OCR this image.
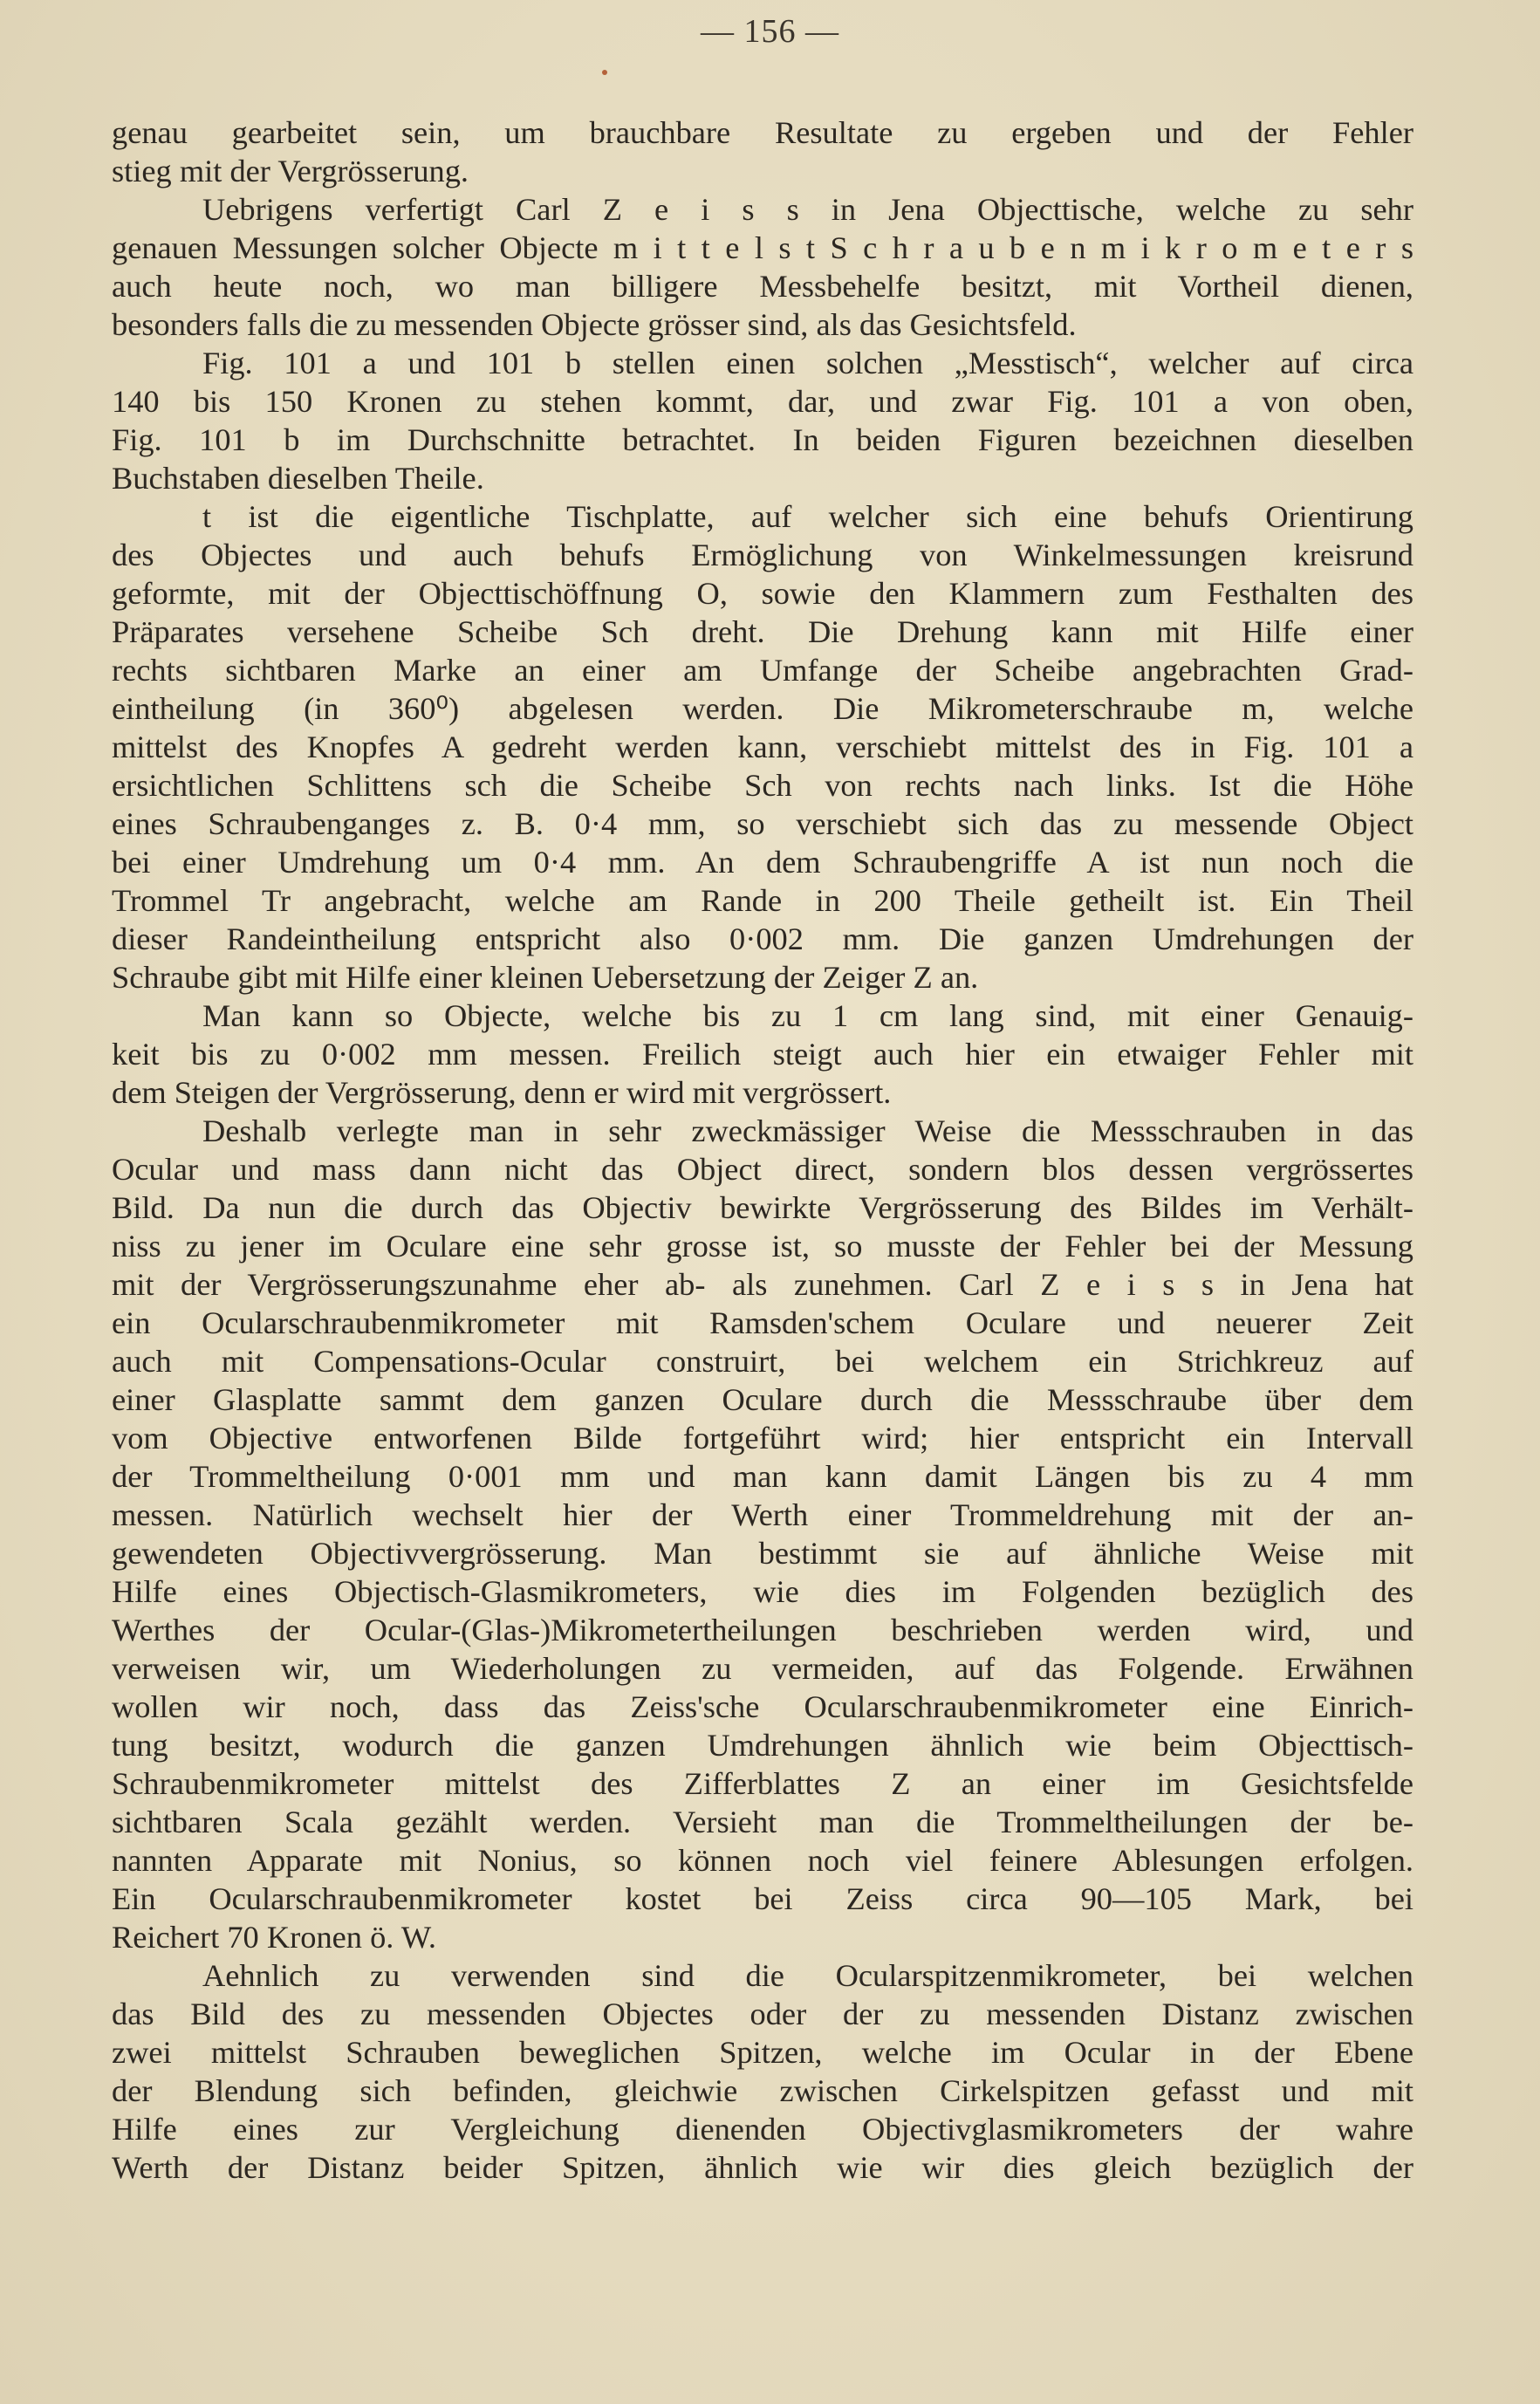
— 156 —
genau gearbeitet sein, um brauchbare Resultate zu ergeben und der Fehler
stieg mit der Vergrösserung.
Uebrigens verfertigt Carl Z e i s s in Jena Objecttische, welche zu sehr
genauen Messungen solcher Objecte m i t t e l s t S c h r a u b e n m i k r o m e t e r s
auch heute noch, wo man billigere Messbehelfe besitzt, mit Vortheil dienen,
besonders falls die zu messenden Objecte grösser sind, als das Gesichtsfeld.
Fig. 101 a und 101 b stellen einen solchen „Messtisch“, welcher auf circa
140 bis 150 Kronen zu stehen kommt, dar, und zwar Fig. 101 a von oben,
Fig. 101 b im Durchschnitte betrachtet. In beiden Figuren bezeichnen dieselben
Buchstaben dieselben Theile.
t ist die eigentliche Tischplatte, auf welcher sich eine behufs Orientirung
des Objectes und auch behufs Ermöglichung von Winkelmessungen kreisrund
geformte, mit der Objecttischöffnung O, sowie den Klammern zum Festhalten des
Präparates versehene Scheibe Sch dreht. Die Drehung kann mit Hilfe einer
rechts sichtbaren Marke an einer am Umfange der Scheibe angebrachten Grad-
eintheilung (in 360⁰) abgelesen werden. Die Mikrometerschraube m, welche
mittelst des Knopfes A gedreht werden kann, verschiebt mittelst des in Fig. 101 a
ersichtlichen Schlittens sch die Scheibe Sch von rechts nach links. Ist die Höhe
eines Schraubenganges z. B. 0·4 mm, so verschiebt sich das zu messende Object
bei einer Umdrehung um 0·4 mm. An dem Schraubengriffe A ist nun noch die
Trommel Tr angebracht, welche am Rande in 200 Theile getheilt ist. Ein Theil
dieser Randeintheilung entspricht also 0·002 mm. Die ganzen Umdrehungen der
Schraube gibt mit Hilfe einer kleinen Uebersetzung der Zeiger Z an.
Man kann so Objecte, welche bis zu 1 cm lang sind, mit einer Genauig-
keit bis zu 0·002 mm messen. Freilich steigt auch hier ein etwaiger Fehler mit
dem Steigen der Vergrösserung, denn er wird mit vergrössert.
Deshalb verlegte man in sehr zweckmässiger Weise die Messschrauben in das
Ocular und mass dann nicht das Object direct, sondern blos dessen vergrössertes
Bild. Da nun die durch das Objectiv bewirkte Vergrösserung des Bildes im Verhält-
niss zu jener im Oculare eine sehr grosse ist, so musste der Fehler bei der Messung
mit der Vergrösserungszunahme eher ab- als zunehmen. Carl Z e i s s in Jena hat
ein Ocularschraubenmikrometer mit Ramsden'schem Oculare und neuerer Zeit
auch mit Compensations-Ocular construirt, bei welchem ein Strichkreuz auf
einer Glasplatte sammt dem ganzen Oculare durch die Messschraube über dem
vom Objective entworfenen Bilde fortgeführt wird; hier entspricht ein Intervall
der Trommeltheilung 0·001 mm und man kann damit Längen bis zu 4 mm
messen. Natürlich wechselt hier der Werth einer Trommeldrehung mit der an-
gewendeten Objectivvergrösserung. Man bestimmt sie auf ähnliche Weise mit
Hilfe eines Objectisch-Glasmikrometers, wie dies im Folgenden bezüglich des
Werthes der Ocular-(Glas-)Mikrometertheilungen beschrieben werden wird, und
verweisen wir, um Wiederholungen zu vermeiden, auf das Folgende. Erwähnen
wollen wir noch, dass das Zeiss'sche Ocularschraubenmikrometer eine Einrich-
tung besitzt, wodurch die ganzen Umdrehungen ähnlich wie beim Objecttisch-
Schraubenmikrometer mittelst des Zifferblattes Z an einer im Gesichtsfelde
sichtbaren Scala gezählt werden. Versieht man die Trommeltheilungen der be-
nannten Apparate mit Nonius, so können noch viel feinere Ablesungen erfolgen.
Ein Ocularschraubenmikrometer kostet bei Zeiss circa 90—105 Mark, bei
Reichert 70 Kronen ö. W.
Aehnlich zu verwenden sind die Ocularspitzenmikrometer, bei welchen
das Bild des zu messenden Objectes oder der zu messenden Distanz zwischen
zwei mittelst Schrauben beweglichen Spitzen, welche im Ocular in der Ebene
der Blendung sich befinden, gleichwie zwischen Cirkelspitzen gefasst und mit
Hilfe eines zur Vergleichung dienenden Objectivglasmikrometers der wahre
Werth der Distanz beider Spitzen, ähnlich wie wir dies gleich bezüglich der
